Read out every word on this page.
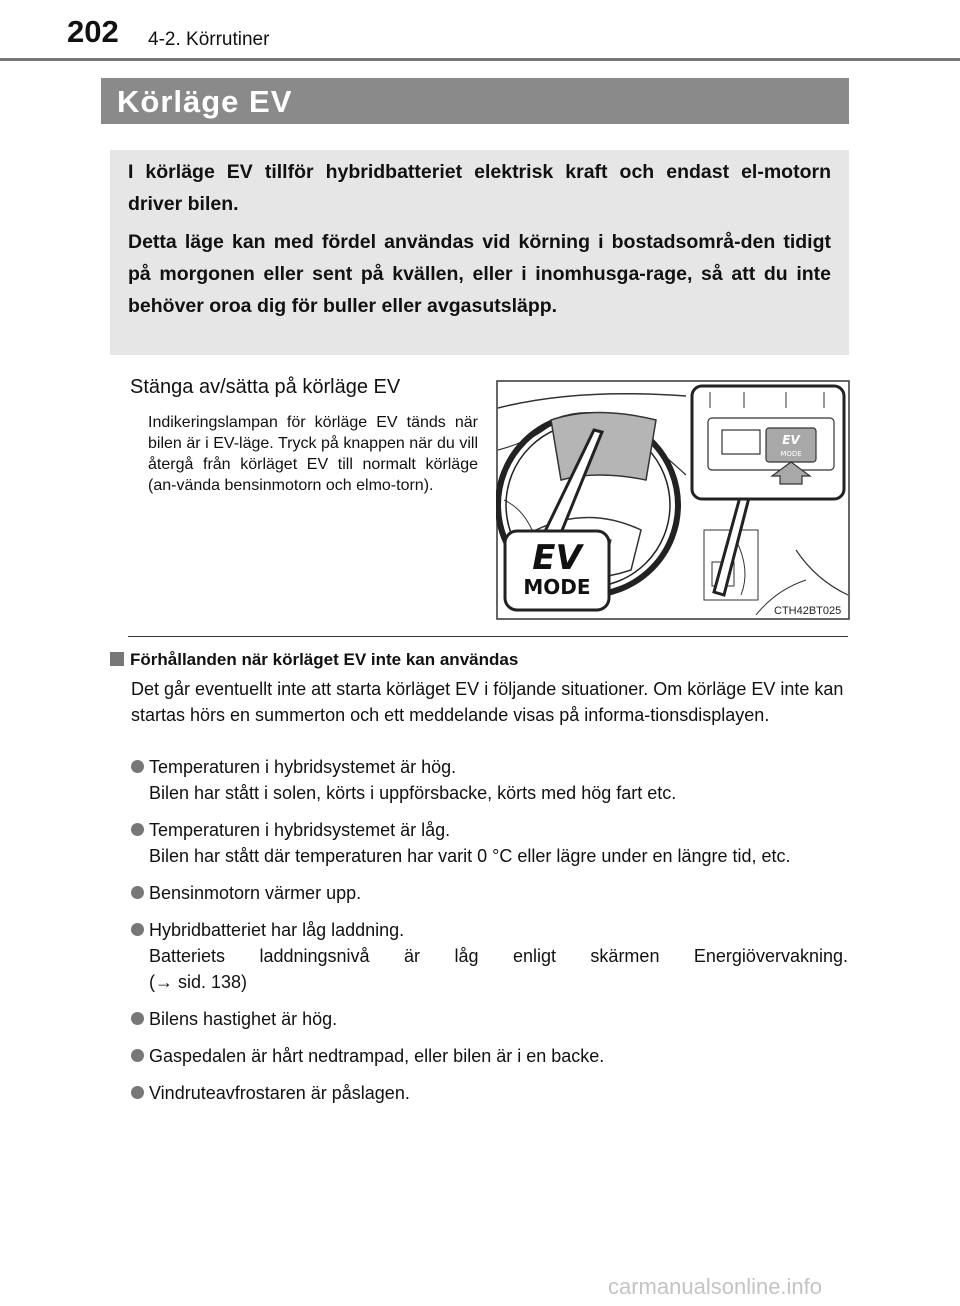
202 4-2. Körrutiner
Körläge EV

I körläge EV tillför hybridbatteriet elektrisk kraft och endast el-motorn driver bilen.

Detta läge kan med fördel användas vid körning i bostadsområ-den tidigt på morgonen eller sent på kvällen, eller i inomhusga-rage, så att du inte behöver oroa dig för buller eller avgasutsläpp.

Stänga av/sätta på körläge EV
Indikeringslampan för körläge EV tänds när bilen är i EV-läge. Tryck på knappen när du vill återgå från körläget EV till normalt körläge (an-vända bensinmotorn och elmo-torn).
EV
MODE
EV
MODE
CTH42BT025
Förhållanden när körläget EV inte kan användas
Det går eventuellt inte att starta körläget EV i följande situationer. Om körläge EV inte kan startas hörs en summerton och ett meddelande visas på informa-tionsdisplayen.
Temperaturen i hybridsystemet är hög.
Bilen har stått i solen, körts i uppförsbacke, körts med hög fart etc.
Temperaturen i hybridsystemet är låg.
Bilen har stått där temperaturen har varit 0 °C eller lägre under en längre tid, etc.
Bensinmotorn värmer upp.
Hybridbatteriet har låg laddning.
Batteriets laddningsnivå är låg enligt skärmen Energiövervakning.
(→ sid. 138)
Bilens hastighet är hög.
Gaspedalen är hårt nedtrampad, eller bilen är i en backe.
Vindruteavfrostaren är påslagen.
carmanualsonline.info
